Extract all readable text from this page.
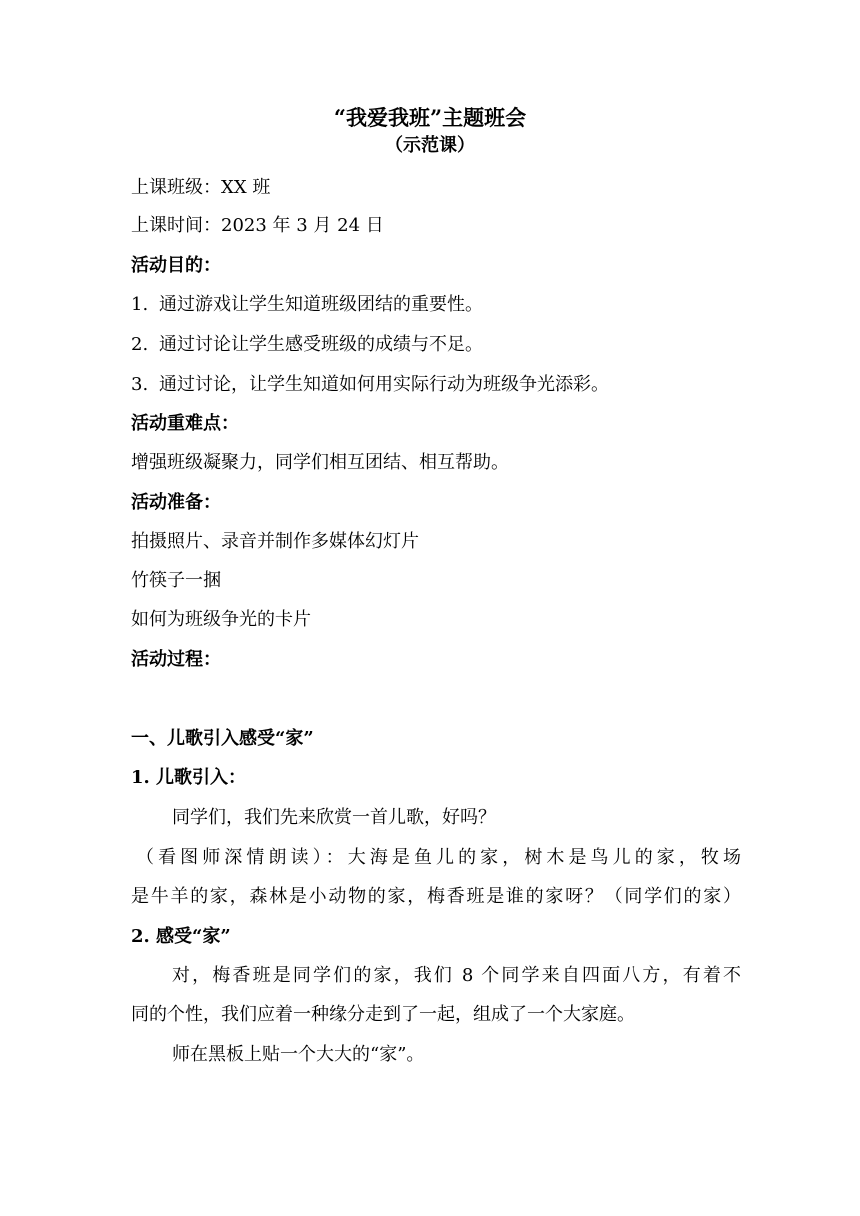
“我爱我班”主题班会
（示范课）
上课班级：XX 班
上课时间：2023 年 3 月 24 日
活动目的：
1. 通过游戏让学生知道班级团结的重要性。
2. 通过讨论让学生感受班级的成绩与不足。
3. 通过讨论，让学生知道如何用实际行动为班级争光添彩。
活动重难点：
增强班级凝聚力，同学们相互团结、相互帮助。
活动准备：
拍摄照片、录音并制作多媒体幻灯片
竹筷子一捆
如何为班级争光的卡片
活动过程：
一、儿歌引入感受“家”
1. 儿歌引入：
同学们，我们先来欣赏一首儿歌，好吗？
（看图师深情朗读）：大海是鱼儿的家，树木是鸟儿的家，牧场
是牛羊的家，森林是小动物的家，梅香班是谁的家呀？（同学们的家）
2. 感受“家”
对，梅香班是同学们的家，我们 8 个同学来自四面八方，有着不
同的个性，我们应着一种缘分走到了一起，组成了一个大家庭。
师在黑板上贴一个大大的“家”。
